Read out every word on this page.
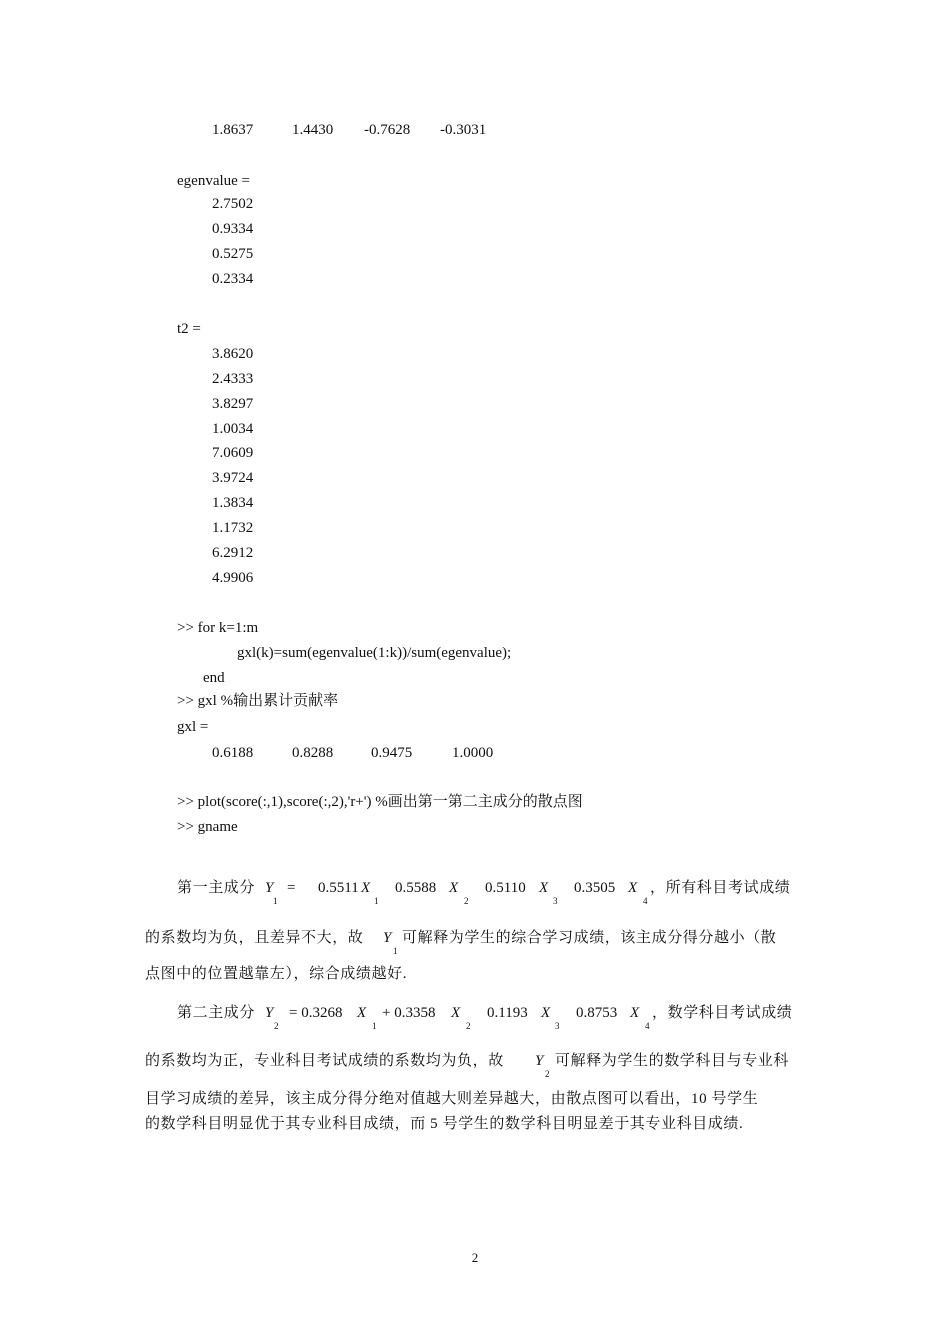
1.8637	1.4430 -0.7628 -0.3031
egenvalue =
2.7502
0.9334
0.5275
0.2334
t2 =
3.8620
2.4333
3.8297
1.0034
7.0609
3.9724
1.3834
1.1732
6.2912
4.9906
>> for k=1:m
gxl(k)=sum(egenvalue(1:k))/sum(egenvalue);
end
>> gxl %输出累计贡献率
gxl =
0.6188	0.8288	0.9475	1.0000
>> plot(score(:,1),score(:,2),'r+') %画出第一第二主成分的散点图
>> gname
第一主成分 Y
1
= 0.5511 X
1
0.5588 X
2
0.5110 X
3
0.3505 X
4
，所有科目考试成绩
的系数均为负，且差异不大，故 Y
1
可解释为学生的综合学习成绩，该主成分得分越小（散
点图中的位置越靠左），综合成绩越好.
第二主成分 Y
2
= 0.3268 X
1
+ 0.3358 X
2
0.1193 X
3
0.8753 X
4
，数学科目考试成绩
的系数均为正，专业科目考试成绩的系数均为负，故 Y
2
可解释为学生的数学科目与专业科
目学习成绩的差异，该主成分得分绝对值越大则差异越大，由散点图可以看出，10 号学生
的数学科目明显优于其专业科目成绩，而 5 号学生的数学科目明显差于其专业科目成绩.
2
